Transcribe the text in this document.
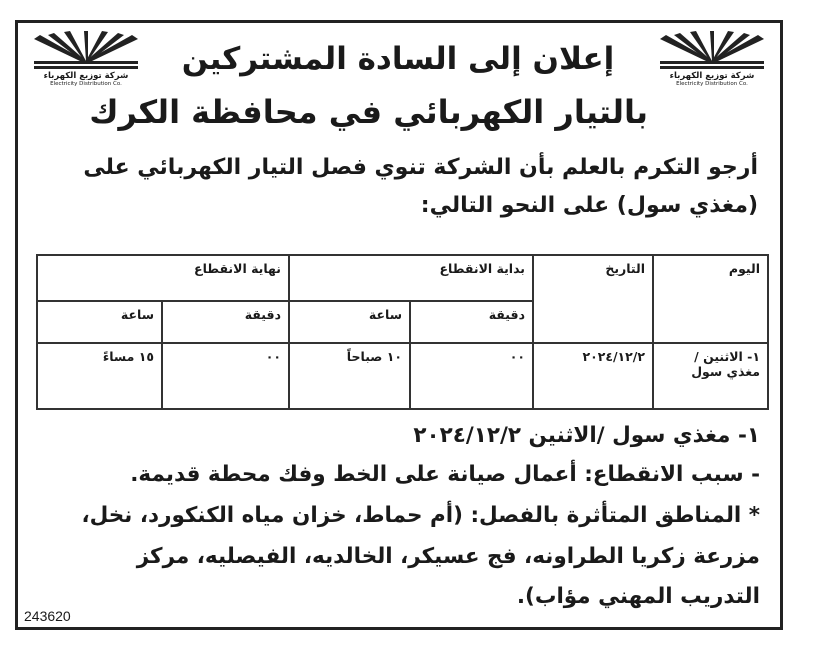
شركة توزيع الكهرباء
Electricity Distribution Co.
شركة توزيع الكهرباء
Electricity Distribution Co.
إعلان إلى السادة المشتركين
بالتيار الكهربائي في محافظة الكرك
أرجو التكرم بالعلم بأن الشركة تنوي فصل التيار الكهربائي على
(مغذي سول) على النحو التالي:
اليوم	التاريخ	بداية الانقطاع		نهاية الانقطاع	
		دقيقة	ساعة	دقيقة	ساعة

١- الاثنين /
مغذي سول	٢٠٢٤/١٢/٢	٠٠	١٠ صباحاً	٠٠	١٥ مساءً
١- مغذي سول /الاثنين ٢٠٢٤/١٢/٢
- سبب الانقطاع: أعمال صيانة على الخط وفك محطة قديمة.
* المناطق المتأثرة بالفصل: (أم حماط، خزان مياه الكنكورد، نخل،
مزرعة زكريا الطراونه، فج عسيكر، الخالديه، الفيصليه، مركز
التدريب المهني مؤاب).
243620
